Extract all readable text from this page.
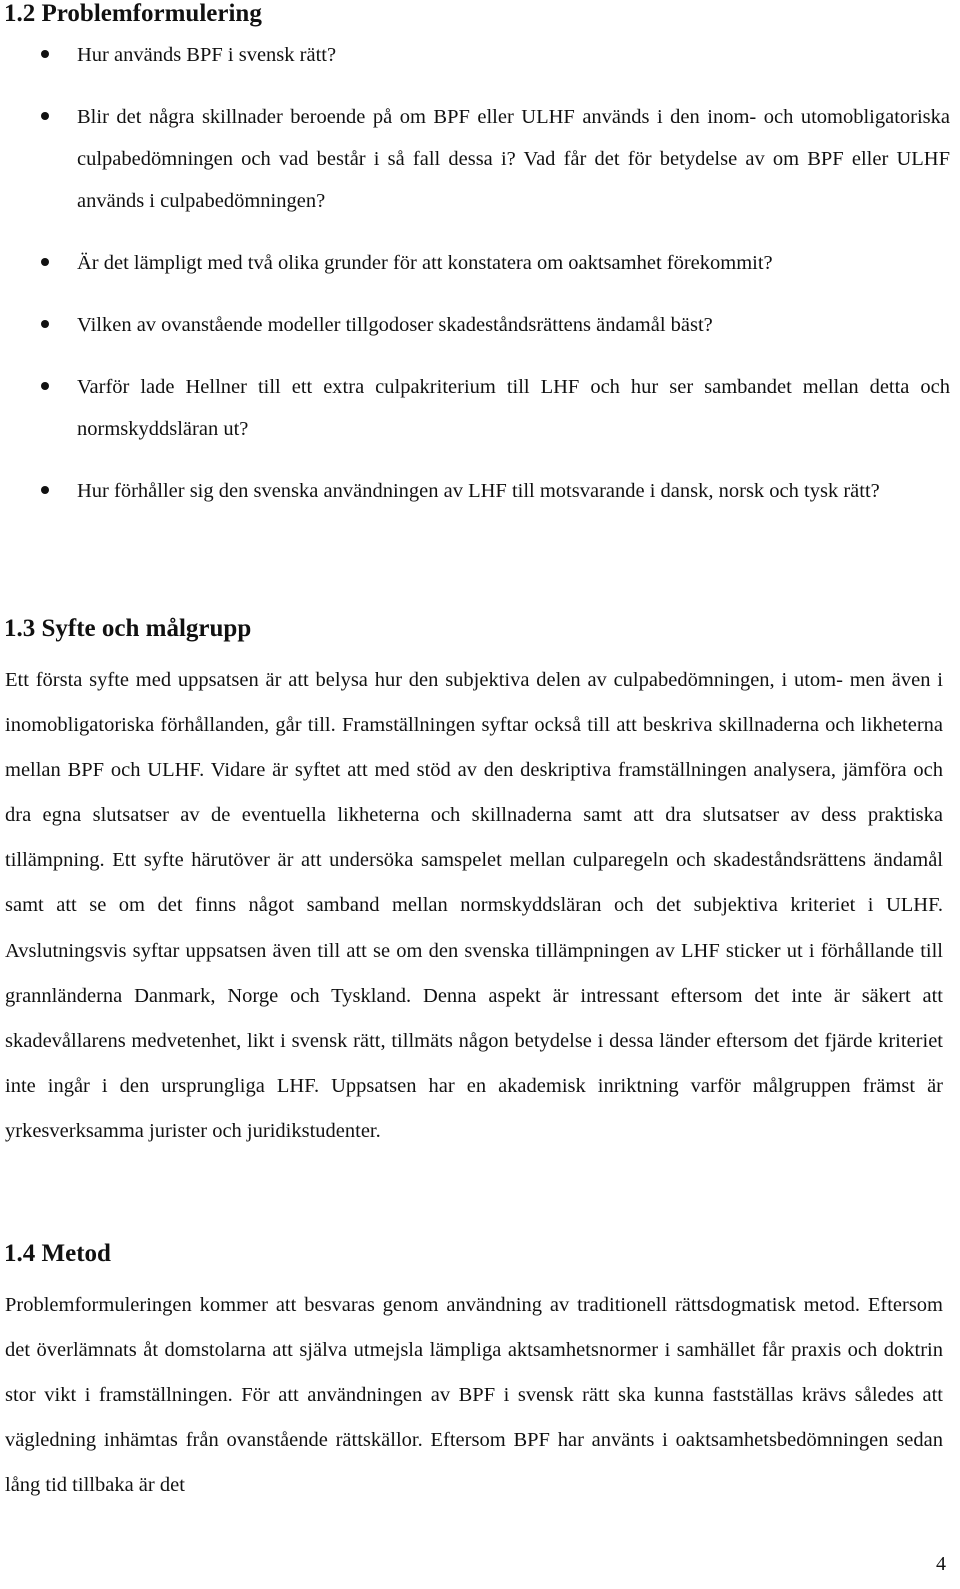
1.2 Problemformulering
Hur används BPF i svensk rätt?
Blir det några skillnader beroende på om BPF eller ULHF används i den inom- och utomobligatoriska culpabedömningen och vad består i så fall dessa i? Vad får det för betydelse av om BPF eller ULHF används i culpabedömningen?
Är det lämpligt med två olika grunder för att konstatera om oaktsamhet förekommit?
Vilken av ovanstående modeller tillgodoser skadeståndsrättens ändamål bäst?
Varför lade Hellner till ett extra culpakriterium till LHF och hur ser sambandet mellan detta och normskyddsläran ut?
Hur förhåller sig den svenska användningen av LHF till motsvarande i dansk, norsk och tysk rätt?
1.3 Syfte och målgrupp

Ett första syfte med uppsatsen är att belysa hur den subjektiva delen av culpabedömningen, i utom- men även i inomobligatoriska förhållanden, går till. Framställningen syftar också till att beskriva skillnaderna och likheterna mellan BPF och ULHF. Vidare är syftet att med stöd av den deskriptiva framställningen analysera, jämföra och dra egna slutsatser av de eventuella likheterna och skillnaderna samt att dra slutsatser av dess praktiska tillämpning. Ett syfte härutöver är att undersöka samspelet mellan culparegeln och skadeståndsrättens ändamål samt att se om det finns något samband mellan normskyddsläran och det subjektiva kriteriet i ULHF. Avslutningsvis syftar uppsatsen även till att se om den svenska tillämpningen av LHF sticker ut i förhållande till grannländerna Danmark, Norge och Tyskland. Denna aspekt är intressant eftersom det inte är säkert att skadevållarens medvetenhet, likt i svensk rätt, tillmäts någon betydelse i dessa länder eftersom det fjärde kriteriet inte ingår i den ursprungliga LHF. Uppsatsen har en akademisk inriktning varför målgruppen främst är yrkesverksamma jurister och juridikstudenter.

1.4 Metod

Problemformuleringen kommer att besvaras genom användning av traditionell rättsdogmatisk metod. Eftersom det överlämnats åt domstolarna att själva utmejsla lämpliga aktsamhetsnormer i samhället får praxis och doktrin stor vikt i framställningen. För att användningen av BPF i svensk rätt ska kunna fastställas krävs således att vägledning inhämtas från ovanstående rättskällor. Eftersom BPF har använts i oaktsamhetsbedömningen sedan lång tid tillbaka är det

4
